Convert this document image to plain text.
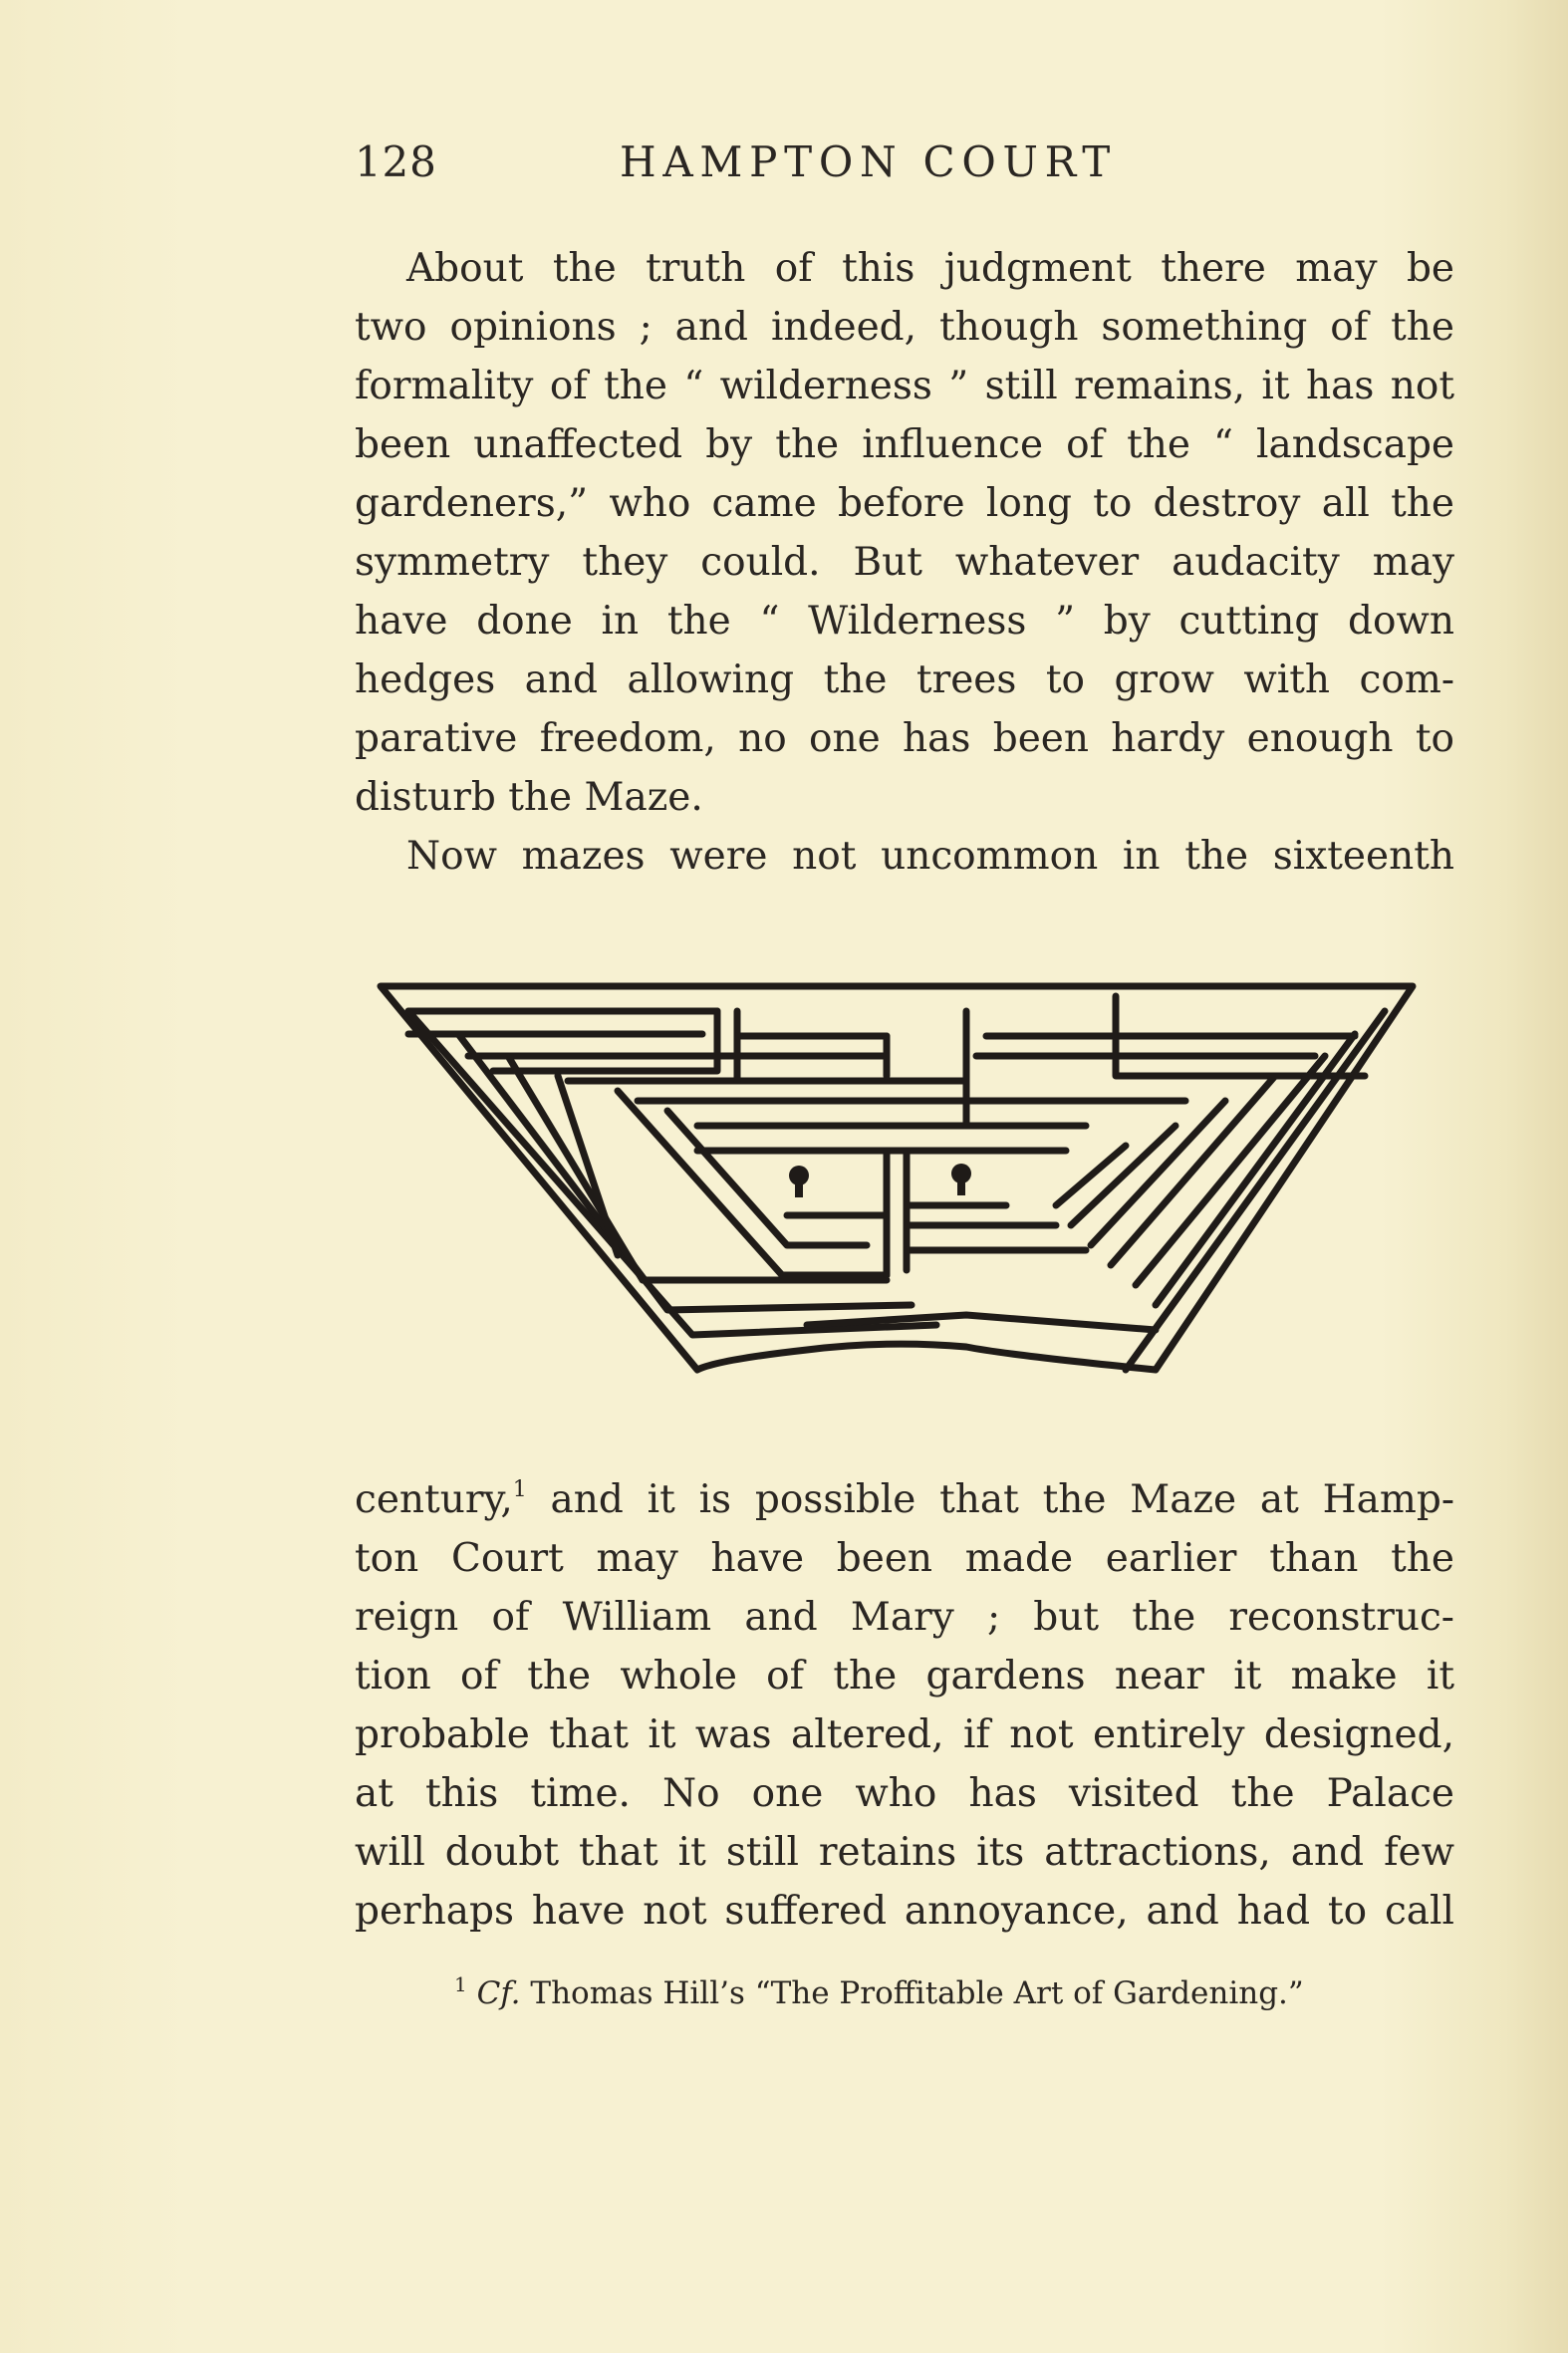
128	HAMPTON COURT
About the truth of this judgment there may be
two opinions ; and indeed, though something of the
formality of the “ wilderness ” still remains, it has not
been unaffected by the influence of the “ landscape
gardeners,” who came before long to destroy all the
symmetry they could. But whatever audacity may
have done in the “ Wilderness ” by cutting down
hedges and allowing the trees to grow with com-
parative freedom, no one has been hardy enough to
disturb the Maze.
Now mazes were not uncommon in the sixteenth
century,$^1$ and it is possible that the Maze at Hamp-
ton Court may have been made earlier than the
reign of William and Mary ; but the reconstruc-
tion of the whole of the gardens near it make it
probable that it was altered, if not entirely designed,
at this time. No one who has visited the Palace
will doubt that it still retains its attractions, and few
perhaps have not suffered annoyance, and had to call
$^1$ Cf. Thomas Hill’s “The Proffitable Art of Gardening.”
